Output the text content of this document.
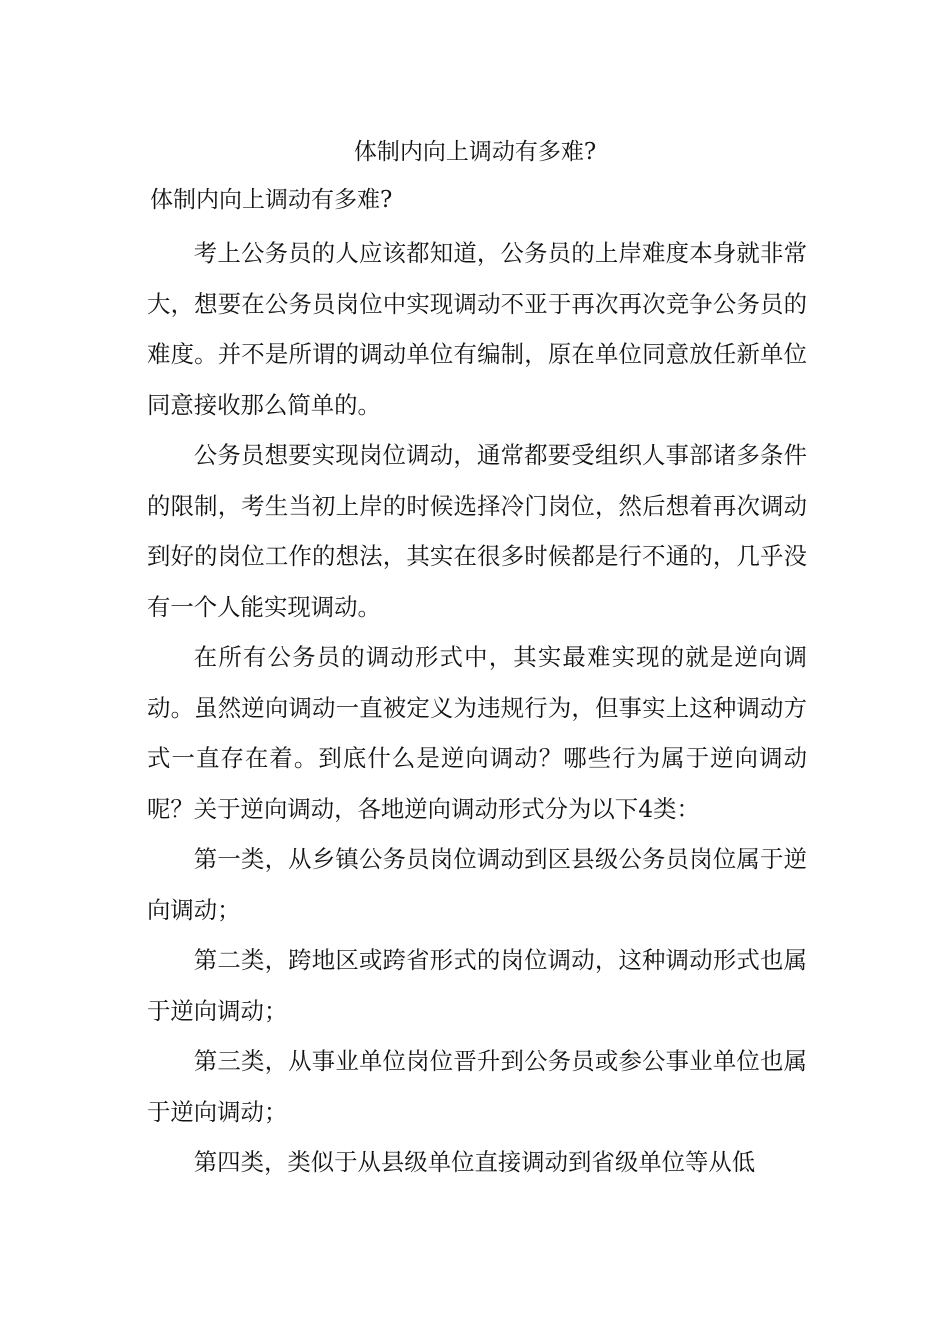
体制内向上调动有多难?
体制内向上调动有多难?

考上公务员的人应该都知道，公务员的上岸难度本身就非常大，想要在公务员岗位中实现调动不亚于再次再次竞争公务员的难度。并不是所谓的调动单位有编制，原在单位同意放任新单位同意接收那么简单的。

公务员想要实现岗位调动，通常都要受组织人事部诸多条件的限制，考生当初上岸的时候选择冷门岗位，然后想着再次调动到好的岗位工作的想法，其实在很多时候都是行不通的，几乎没有一个人能实现调动。

在所有公务员的调动形式中，其实最难实现的就是逆向调动。虽然逆向调动一直被定义为违规行为，但事实上这种调动方式一直存在着。到底什么是逆向调动？哪些行为属于逆向调动呢？关于逆向调动，各地逆向调动形式分为以下4类：

第一类，从乡镇公务员岗位调动到区县级公务员岗位属于逆向调动；

第二类，跨地区或跨省形式的岗位调动，这种调动形式也属于逆向调动；

第三类，从事业单位岗位晋升到公务员或参公事业单位也属于逆向调动；

第四类，类似于从县级单位直接调动到省级单位等从低
